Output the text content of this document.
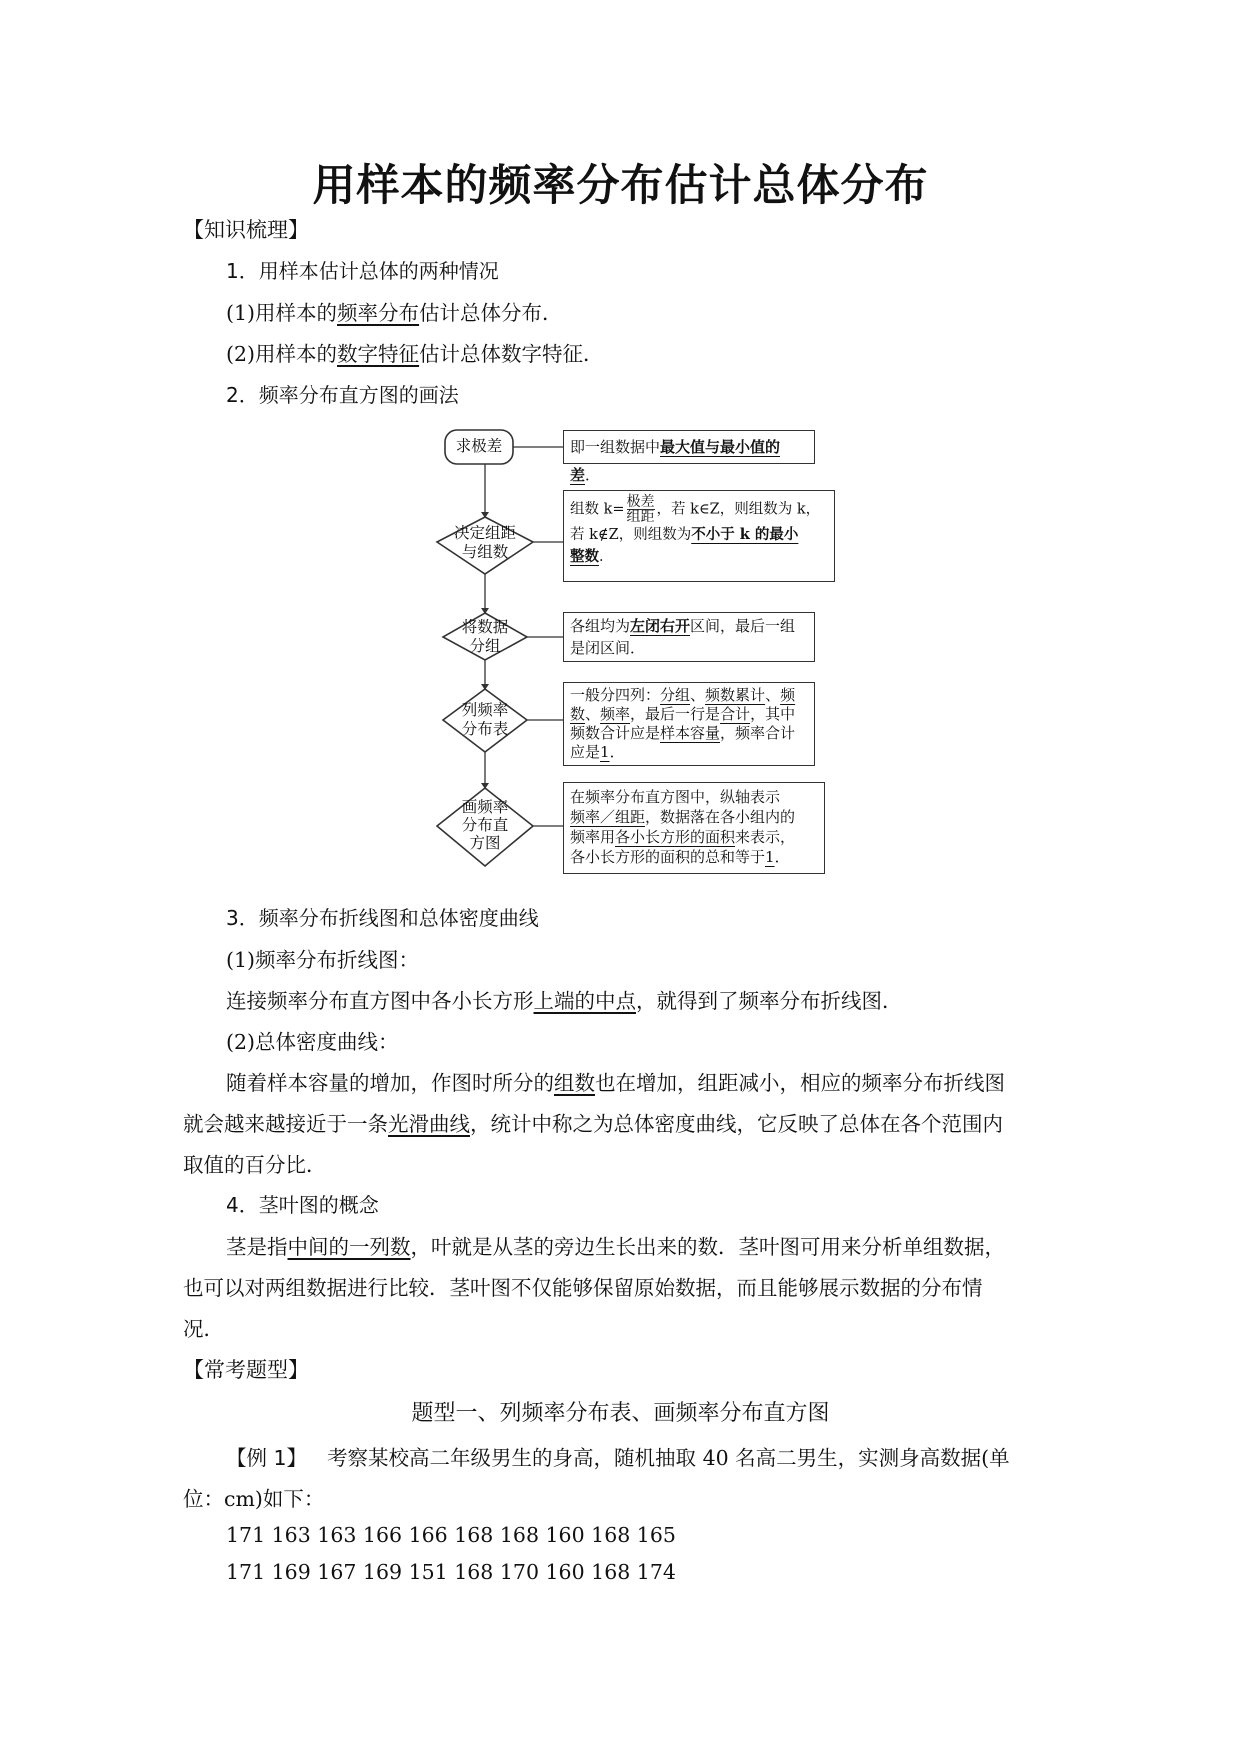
用样本的频率分布估计总体分布
【知识梳理】
1．用样本估计总体的两种情况
(1)用样本的频率分布估计总体分布．
(2)用样本的数字特征估计总体数字特征．
2．频率分布直方图的画法
求极差
决定组距
与组数
将数据
分组
列频率
分布表
画频率
分布直
方图
即一组数据中最大值与最小值的差．
组数 $k= \frac{\text{极差}}{\text{组距}}$ ，若 k∈Z，则组数为 k，
若 k∉Z，则组数为不小于 k 的最小
整数．
各组均为左闭右开区间，最后一组
是闭区间．
一般分四列：分组、频数累计、频
数、频率，最后一行是合计，其中
频数合计应是样本容量，频率合计
应是1．
在频率分布直方图中，纵轴表示
频率／组距，数据落在各小组内的
频率用各小长方形的面积来表示，
各小长方形的面积的总和等于1．
3．频率分布折线图和总体密度曲线
(1)频率分布折线图：
连接频率分布直方图中各小长方形上端的中点，就得到了频率分布折线图．
(2)总体密度曲线：
随着样本容量的增加，作图时所分的组数也在增加，组距减小，相应的频率分布折线图
就会越来越接近于一条光滑曲线，统计中称之为总体密度曲线，它反映了总体在各个范围内
取值的百分比．
4．茎叶图的概念
茎是指中间的一列数，叶就是从茎的旁边生长出来的数．茎叶图可用来分析单组数据，
也可以对两组数据进行比较．茎叶图不仅能够保留原始数据，而且能够展示数据的分布情
况．
【常考题型】
题型一、列频率分布表、画频率分布直方图
【例 1】 考察某校高二年级男生的身高，随机抽取 40 名高二男生，实测身高数据(单
位：cm)如下：
171 163 163 166 166 168 168 160 168 165
171 169 167 169 151 168 170 160 168 174
